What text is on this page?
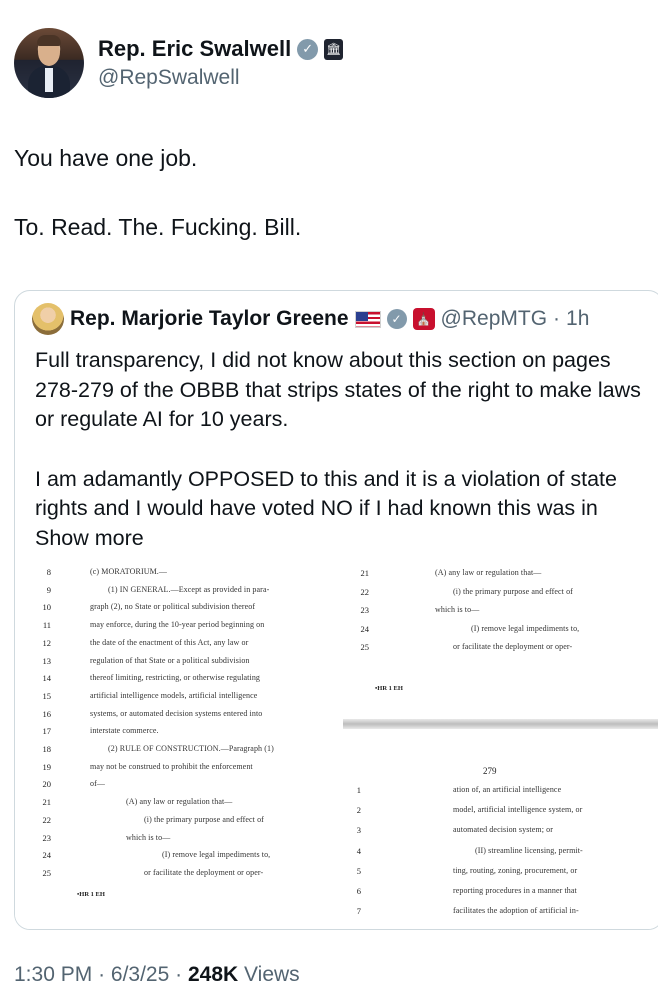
Rep. Eric Swalwell ✓	🏛
@RepSwalwell

You have one job.

To. Read. The. Fucking. Bill.

Rep. Marjorie Taylor Greene	✓	⛪ @RepMTG · 1h

Full transparency, I did not know about this section on pages 278-279 of the OBBB that strips states of the right to make laws or regulate AI for 10 years.

I am adamantly OPPOSED to this and it is a violation of state rights and I would have voted NO if I had known this was in Show more

8	(c) MORATORIUM.—
9	(1) IN GENERAL.—Except as provided in para-
10	graph (2), no State or political subdivision thereof
11	may enforce, during the 10-year period beginning on
12	the date of the enactment of this Act, any law or
13	regulation of that State or a political subdivision
14	thereof limiting, restricting, or otherwise regulating
15	artificial intelligence models, artificial intelligence
16	systems, or automated decision systems entered into
17	interstate commerce.
18	(2) RULE OF CONSTRUCTION.—Paragraph (1)
19	may not be construed to prohibit the enforcement
20	of—
21	(A) any law or regulation that—
22	(i) the primary purpose and effect of
23	which is to—
24	(I) remove legal impediments to,
25	or facilitate the deployment or oper-
•HR 1 EH
21	(A) any law or regulation that—
22	(i) the primary purpose and effect of
23	which is to—
24	(I) remove legal impediments to,
25	or facilitate the deployment or oper-
•HR 1 EH
279
1	ation of, an artificial intelligence
2	model, artificial intelligence system, or
3	automated decision system; or
4	(II) streamline licensing, permit-
5	ting, routing, zoning, procurement, or
6	reporting procedures in a manner that
7	facilitates the adoption of artificial in-
1:30 PM · 6/3/25 · 248K Views
